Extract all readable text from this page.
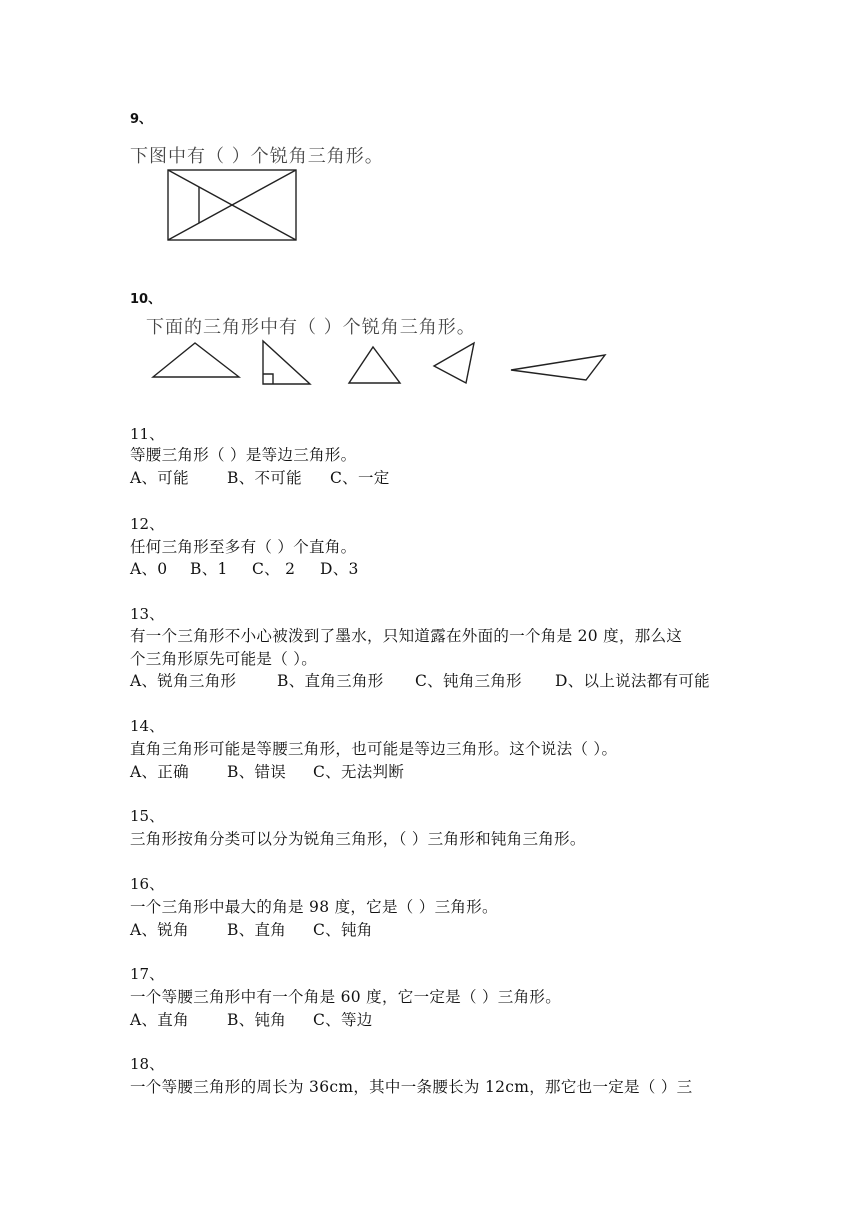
9、
下图中有（ ）个锐角三角形。
10、
下面的三角形中有（ ）个锐角三角形。
11、
等腰三角形（ ）是等边三角形。
A、可能 B、不可能 C、一定
12、
任何三角形至多有（ ）个直角。
A、0 B、1 C、 2 D、3
13、
有一个三角形不小心被泼到了墨水，只知道露在外面的一个角是 20 度，那么这
个三角形原先可能是（ ）。
A、锐角三角形	B、直角三角形 C、钝角三角形 D、以上说法都有可能
14、
直角三角形可能是等腰三角形，也可能是等边三角形。这个说法（ ）。
A、正确 B、错误 C、无法判断
15、
三角形按角分类可以分为锐角三角形，（ ）三角形和钝角三角形。
16、
一个三角形中最大的角是 98 度，它是（ ）三角形。
A、锐角 B、直角 C、钝角
17、
一个等腰三角形中有一个角是 60 度，它一定是（ ）三角形。
A、直角 B、钝角 C、等边
18、
一个等腰三角形的周长为 36cm，其中一条腰长为 12cm，那它也一定是（ ）三
